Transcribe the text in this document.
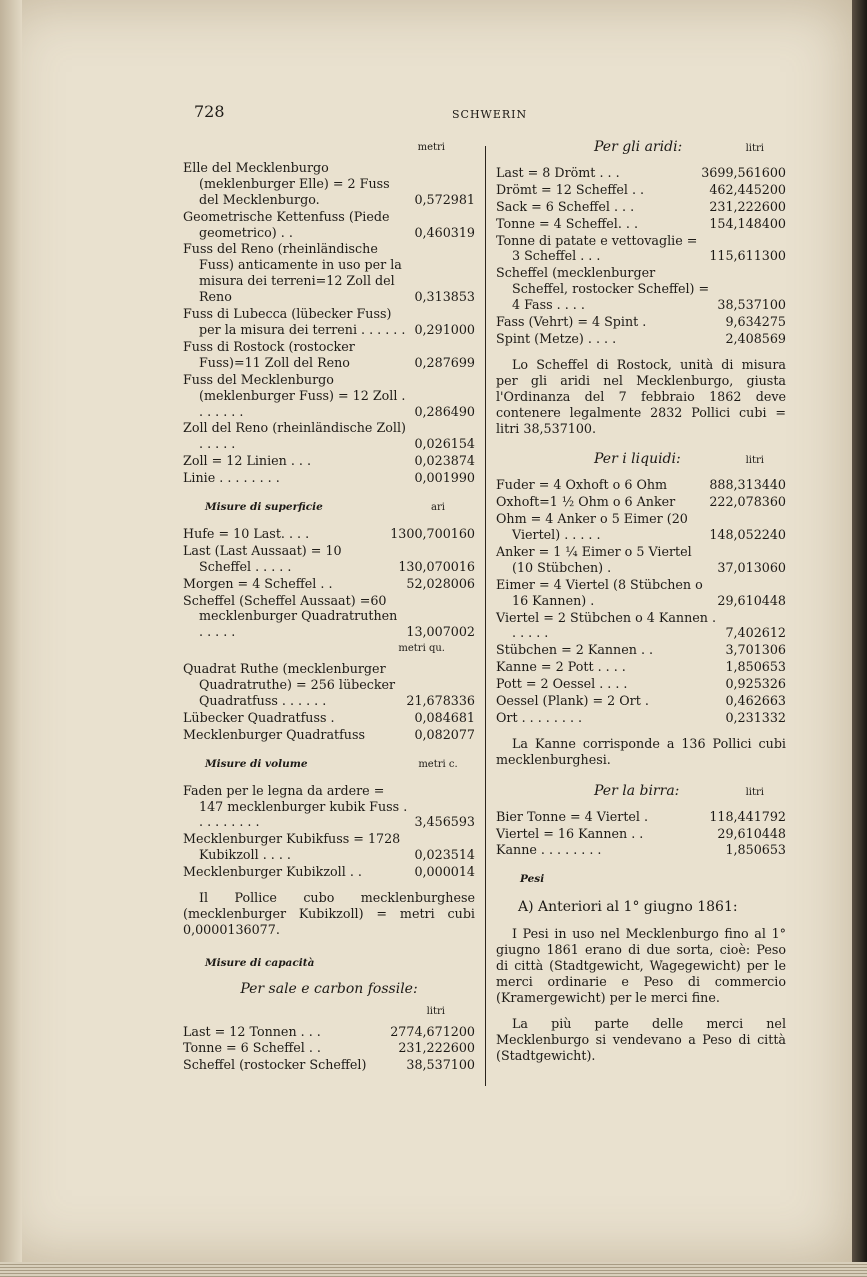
728	SCHWERIN
metri
Elle del Mecklenburgo (meklenburger Elle) = 2 Fuss del Mecklenburgo.	0,572981
Geometrische Kettenfuss (Piede geometrico) . .	0,460319
Fuss del Reno (rheinländische Fuss) anticamente in uso per la misura dei terreni=12 Zoll del Reno	0,313853
Fuss di Lubecca (lübecker Fuss) per la misura dei terreni . . . . . . 0,291000
Fuss di Rostock (rostocker Fuss)=11 Zoll del Reno	0,287699
Fuss del Mecklenburgo (meklenburger Fuss) = 12 Zoll . . . . . . .	0,286490
Zoll del Reno (rheinländische Zoll) . . . . .	0,026154
Zoll = 12 Linien . . .	0,023874
Linie . . . . . . . .	0,001990
Misure di superficie	ari
Hufe = 10 Last. . . .	1300,700160
Last (Last Aussaat) = 10 Scheffel . . . . .	130,070016
Morgen = 4 Scheffel . .	52,028006
Scheffel (Scheffel Aussaat) =60 mecklenburger Quadratruthen . . . . .	13,007002
metri qu.
Quadrat Ruthe (mecklenburger Quadratruthe) = 256 lübecker Quadratfuss . . . . . .	21,678336
Lübecker Quadratfuss .	0,084681
Mecklenburger Quadratfuss	0,082077
Misure di volume	metri c.
Faden per le legna da ardere = 147 mecklenburger kubik Fuss . . . . . . . . .	3,456593
Mecklenburger Kubikfuss = 1728 Kubikzoll . . . .	0,023514
Mecklenburger Kubikzoll . .	0,000014
Il Pollice cubo mecklenburghese (mecklenburger Kubikzoll) = metri cubi 0,0000136077.
Misure di capacità
Per sale e carbon fossile:
litri
Last = 12 Tonnen . . .	2774,671200
Tonne = 6 Scheffel . .	231,222600
Scheffel (rostocker Scheffel)	38,537100
Per gli aridi:	litri
Last = 8 Drömt . . .	3699,561600
Drömt = 12 Scheffel . .	462,445200
Sack = 6 Scheffel . . .	231,222600
Tonne = 4 Scheffel. . .	154,148400
Tonne di patate e vettovaglie = 3 Scheffel . . .	115,611300
Scheffel (mecklenburger Scheffel, rostocker Scheffel) = 4 Fass . . . .	38,537100
Fass (Vehrt) = 4 Spint .	9,634275
Spint (Metze) . . . .	2,408569
Lo Scheffel di Rostock, unità di misura per gli aridi nel Mecklenburgo, giusta l'Ordinanza del 7 febbraio 1862 deve contenere legalmente 2832 Pollici cubi = litri 38,537100.
Per i liquidi:	litri
Fuder = 4 Oxhoft o 6 Ohm	888,313440
Oxhoft=1 ½ Ohm o 6 Anker	222,078360
Ohm = 4 Anker o 5 Eimer (20 Viertel) . . . . .	148,052240
Anker = 1 ¼ Eimer o 5 Viertel (10 Stübchen) .	37,013060
Eimer = 4 Viertel (8 Stübchen o 16 Kannen) .	29,610448
Viertel = 2 Stübchen o 4 Kannen . . . . . .	7,402612
Stübchen = 2 Kannen . .	3,701306
Kanne = 2 Pott . . . .	1,850653
Pott = 2 Oessel . . . .	0,925326
Oessel (Plank) = 2 Ort .	0,462663
Ort . . . . . . . .	0,231332
La Kanne corrisponde a 136 Pollici cubi mecklenburghesi.
Per la birra:	litri
Bier Tonne = 4 Viertel .	118,441792
Viertel = 16 Kannen . .	29,610448
Kanne . . . . . . . .	1,850653
Pesi
A) Anteriori al 1° giugno 1861:
I Pesi in uso nel Mecklenburgo fino al 1° giugno 1861 erano di due sorta, cioè: Peso di città (Stadtgewicht, Wagegewicht) per le merci ordinarie e Peso di commercio (Kramergewicht) per le merci fine.
La più parte delle merci nel Mecklenburgo si vendevano a Peso di città (Stadtgewicht).
